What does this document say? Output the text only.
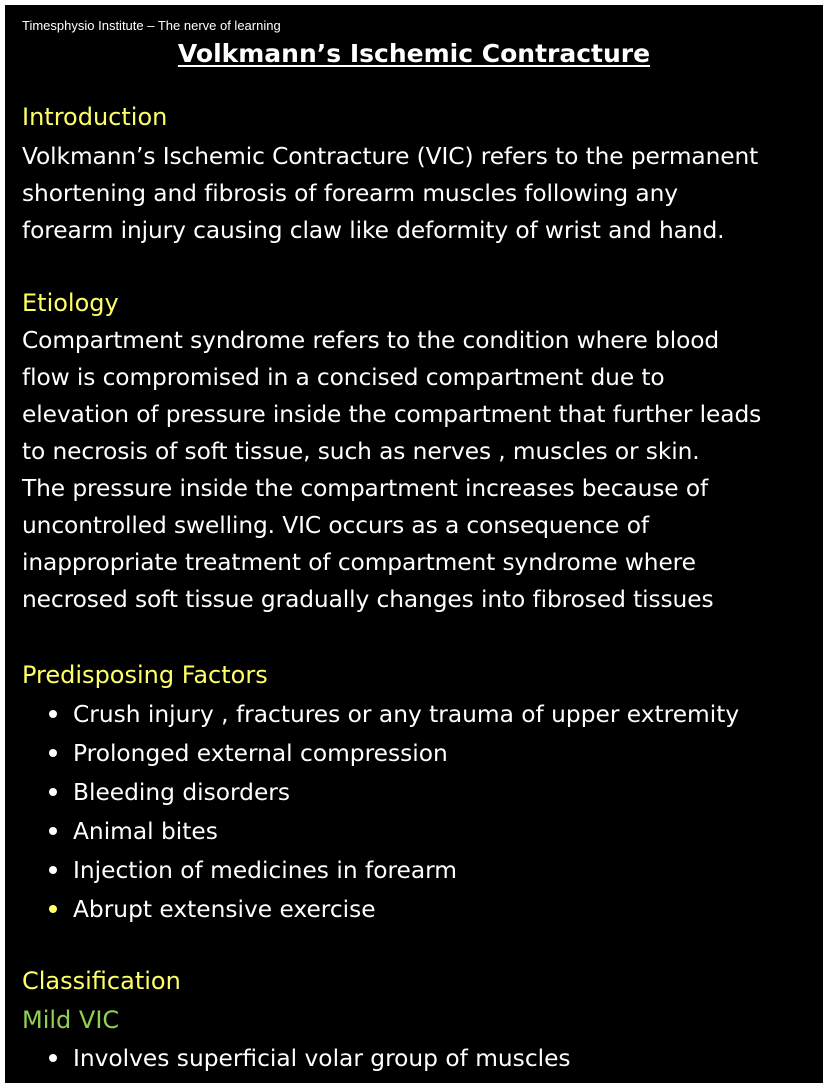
Timesphysio Institute – The nerve of learning
Volkmann’s Ischemic Contracture
Introduction
Volkmann’s Ischemic Contracture (VIC) refers to the permanent
shortening and fibrosis of forearm muscles following any
forearm injury causing claw like deformity of wrist and hand.
Etiology
Compartment syndrome refers to the condition where blood
flow is compromised in a concised compartment due to
elevation of pressure inside the compartment that further leads
to necrosis of soft tissue, such as nerves , muscles or skin.
The pressure inside the compartment increases because of
uncontrolled swelling. VIC occurs as a consequence of
inappropriate treatment of compartment syndrome where
necrosed soft tissue gradually changes into fibrosed tissues
Predisposing Factors
Crush injury , fractures or any trauma of upper extremity
Prolonged external compression
Bleeding disorders
Animal bites
Injection of medicines in forearm
Abrupt extensive exercise
Classification
Mild VIC
Involves superficial volar group of muscles
